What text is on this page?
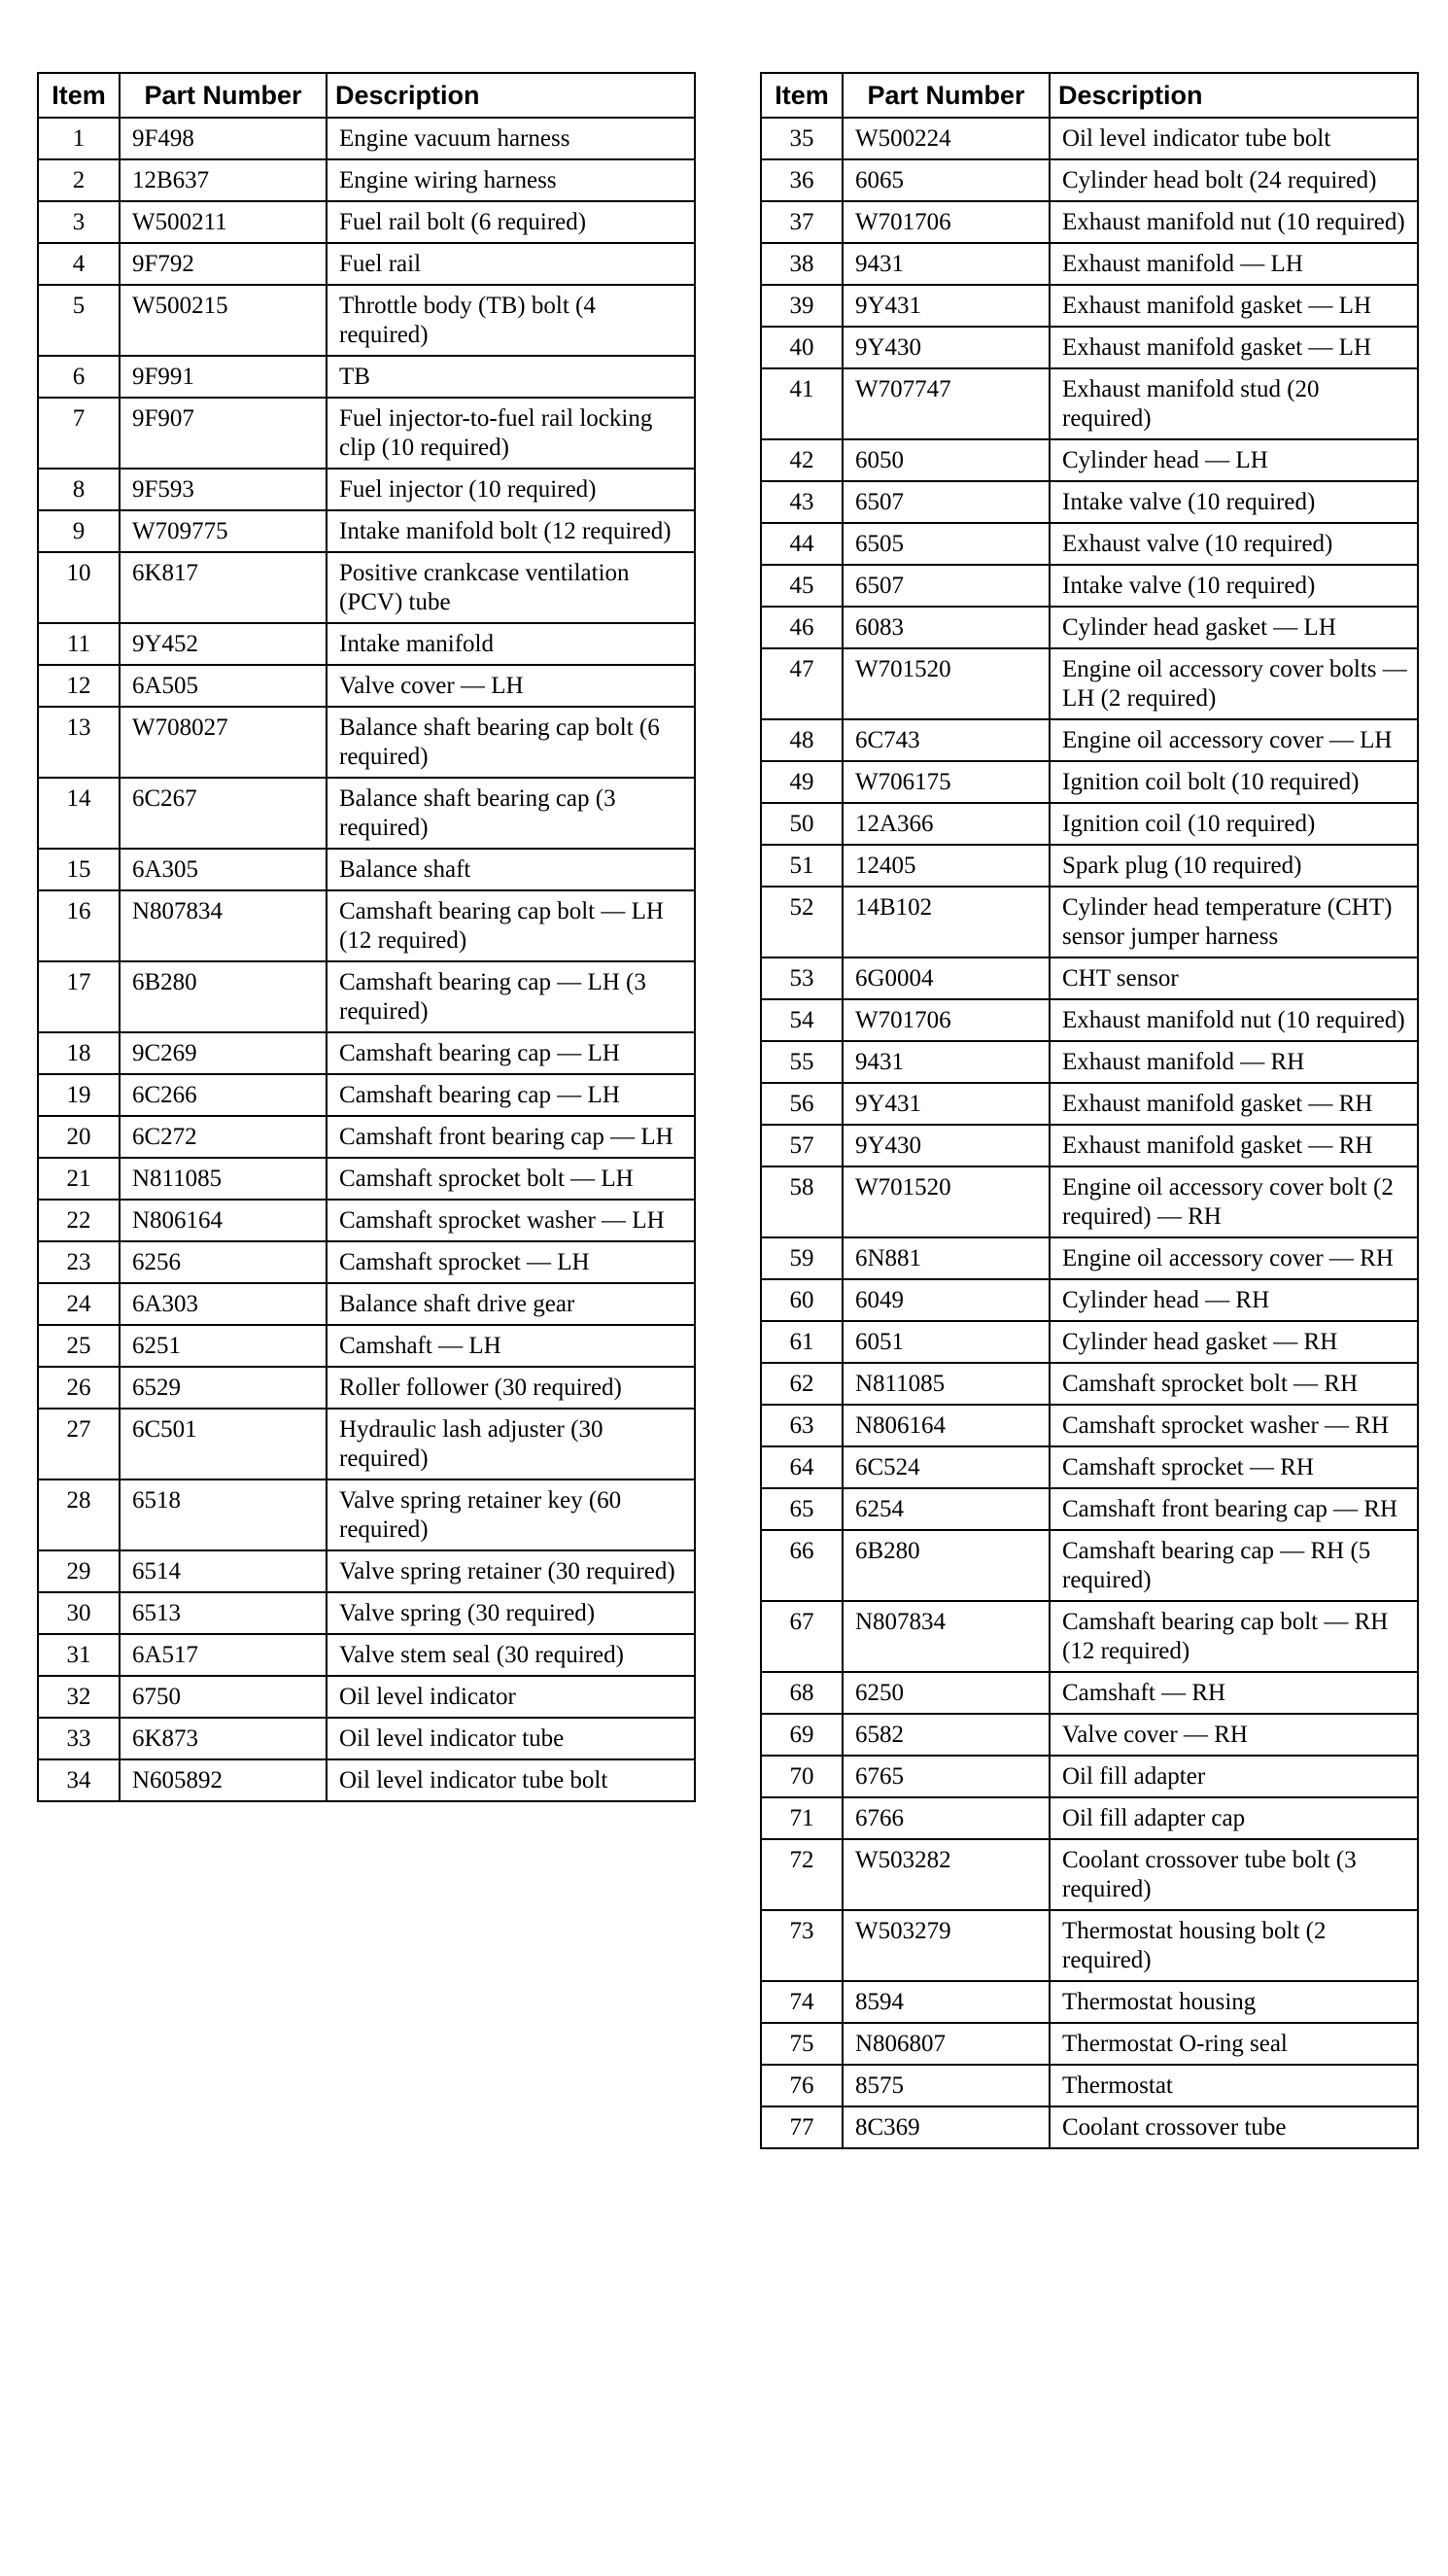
Item	Part Number	Description
1	9F498	Engine vacuum harness
2	12B637	Engine wiring harness
3	W500211	Fuel rail bolt (6 required)
4	9F792	Fuel rail
5	W500215	Throttle body (TB) bolt (4 required)
6	9F991	TB
7	9F907	Fuel injector-to-fuel rail locking clip (10 required)
8	9F593	Fuel injector (10 required)
9	W709775	Intake manifold bolt (12 required)
10	6K817	Positive crankcase ventilation (PCV) tube
11	9Y452	Intake manifold
12	6A505	Valve cover — LH
13	W708027	Balance shaft bearing cap bolt (6 required)
14	6C267	Balance shaft bearing cap (3 required)
15	6A305	Balance shaft
16	N807834	Camshaft bearing cap bolt — LH (12 required)
17	6B280	Camshaft bearing cap — LH (3 required)
18	9C269	Camshaft bearing cap — LH
19	6C266	Camshaft bearing cap — LH
20	6C272	Camshaft front bearing cap — LH
21	N811085	Camshaft sprocket bolt — LH
22	N806164	Camshaft sprocket washer — LH
23	6256	Camshaft sprocket — LH
24	6A303	Balance shaft drive gear
25	6251	Camshaft — LH
26	6529	Roller follower (30 required)
27	6C501	Hydraulic lash adjuster (30 required)
28	6518	Valve spring retainer key (60 required)
29	6514	Valve spring retainer (30 required)
30	6513	Valve spring (30 required)
31	6A517	Valve stem seal (30 required)
32	6750	Oil level indicator
33	6K873	Oil level indicator tube
34	N605892	Oil level indicator tube bolt
Item	Part Number	Description
35	W500224	Oil level indicator tube bolt
36	6065	Cylinder head bolt (24 required)
37	W701706	Exhaust manifold nut (10 required)
38	9431	Exhaust manifold — LH
39	9Y431	Exhaust manifold gasket — LH
40	9Y430	Exhaust manifold gasket — LH
41	W707747	Exhaust manifold stud (20 required)
42	6050	Cylinder head — LH
43	6507	Intake valve (10 required)
44	6505	Exhaust valve (10 required)
45	6507	Intake valve (10 required)
46	6083	Cylinder head gasket — LH
47	W701520	Engine oil accessory cover bolts — LH (2 required)
48	6C743	Engine oil accessory cover — LH
49	W706175	Ignition coil bolt (10 required)
50	12A366	Ignition coil (10 required)
51	12405	Spark plug (10 required)
52	14B102	Cylinder head temperature (CHT) sensor jumper harness
53	6G0004	CHT sensor
54	W701706	Exhaust manifold nut (10 required)
55	9431	Exhaust manifold — RH
56	9Y431	Exhaust manifold gasket — RH
57	9Y430	Exhaust manifold gasket — RH
58	W701520	Engine oil accessory cover bolt (2 required) — RH
59	6N881	Engine oil accessory cover — RH
60	6049	Cylinder head — RH
61	6051	Cylinder head gasket — RH
62	N811085	Camshaft sprocket bolt — RH
63	N806164	Camshaft sprocket washer — RH
64	6C524	Camshaft sprocket — RH
65	6254	Camshaft front bearing cap — RH
66	6B280	Camshaft bearing cap — RH (5 required)
67	N807834	Camshaft bearing cap bolt — RH (12 required)
68	6250	Camshaft — RH
69	6582	Valve cover — RH
70	6765	Oil fill adapter
71	6766	Oil fill adapter cap
72	W503282	Coolant crossover tube bolt (3 required)
73	W503279	Thermostat housing bolt (2 required)
74	8594	Thermostat housing
75	N806807	Thermostat O-ring seal
76	8575	Thermostat
77	8C369	Coolant crossover tube
